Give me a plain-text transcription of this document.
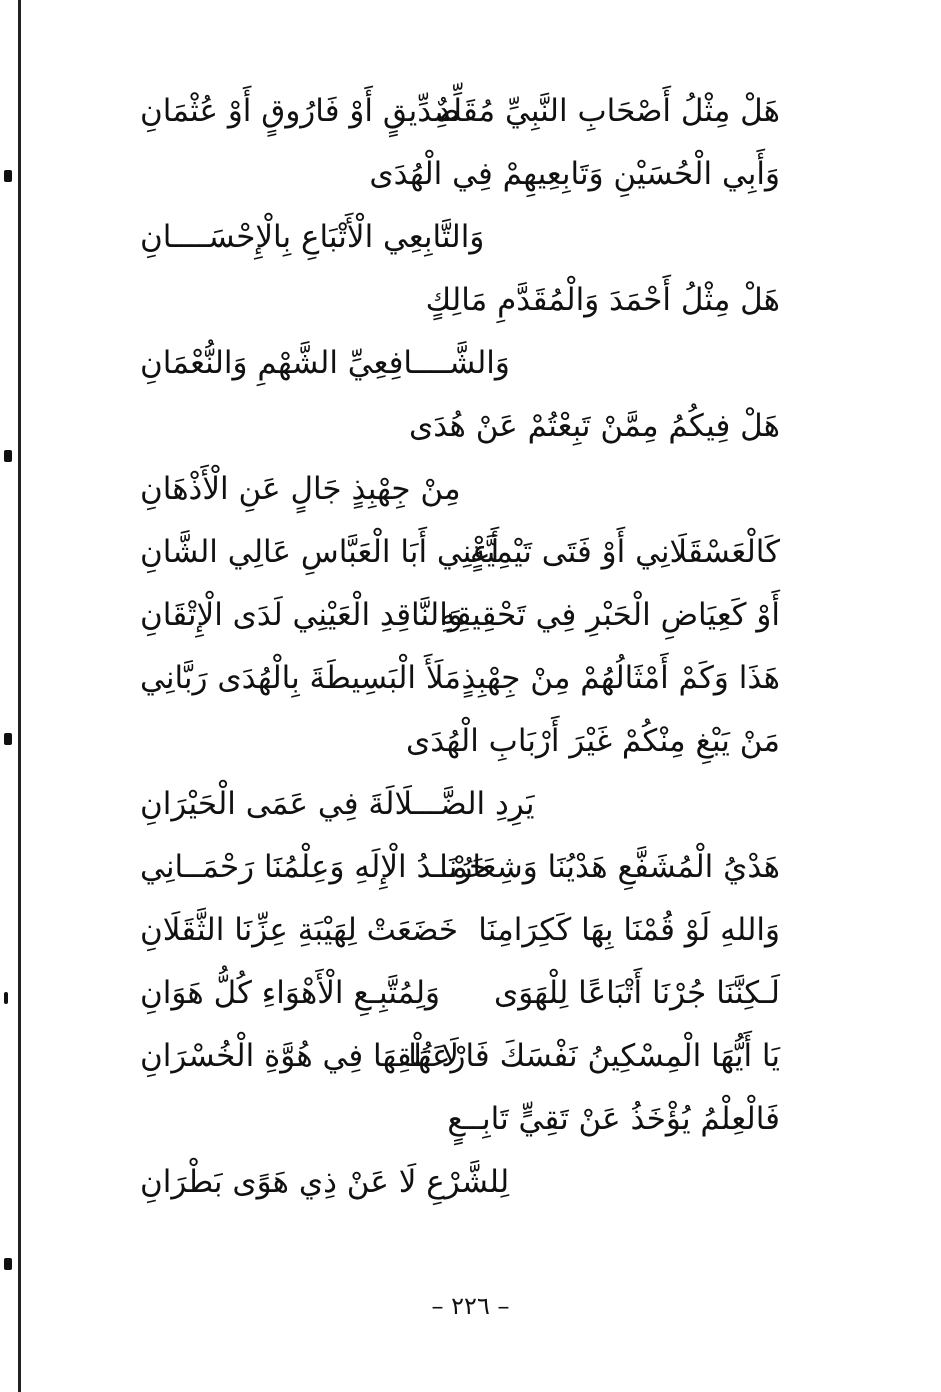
هَلْ مِثْلُ أَصْحَابِ النَّبِيِّ مُقَلِّدٌ
صِدِّيقٍ أَوْ فَارُوقٍ أَوْ عُثْمَانِ
وَأَبِي الْحُسَيْنِ وَتَابِعِيهِمْ فِي الْهُدَى
وَالتَّابِعِي الْأَتْبَاعِ بِالْإِحْسَــــانِ
هَلْ مِثْلُ أَحْمَدَ وَالْمُقَدَّمِ مَالِكٍ
وَالشَّــــافِعِيِّ الشَّهْمِ وَالنُّعْمَانِ
هَلْ فِيكُمُ مِمَّنْ تَبِعْتُمْ عَنْ هُدَى
مِنْ جِهْبِذٍ جَالٍ عَنِ الْأَذْهَانِ
كَالْعَسْقَلَانِي أَوْ فَتَى تَيْمِيَّةٍ
أَعْنِي أَبَا الْعَبَّاسِ عَالِي الشَّانِ
أَوْ كَعِيَاضِ الْحَبْرِ فِي تَحْقِيقِهِ
وَالنَّاقِدِ الْعَيْنِي لَدَى الْإِتْقَانِ
هَذَا وَكَمْ أَمْثَالُهُمْ مِنْ جِهْبِذٍ
مَلَأَ الْبَسِيطَةَ بِالْهُدَى رَبَّانِي
مَنْ يَبْغِ مِنْكُمْ غَيْرَ أَرْبَابِ الْهُدَى
يَرِدِ الضَّـــلَالَةَ فِي عَمَى الْحَيْرَانِ
هَدْيُ الْمُشَفَّعِ هَدْيُنَا وَشِعَارُنَا
حَمْــدُ الْإِلَهِ وَعِلْمُنَا رَحْمَــانِي
وَاللهِ لَوْ قُمْنَا بِهَا كَكِرَامِنَا
خَضَعَتْ لِهَيْبَةِ عِزِّنَا الثَّقَلَانِ
لَـكِنَّنَا جُرْنَا أَتْبَاعًا لِلْهَوَى
وَلِمُتَّبِـعِ الْأَهْوَاءِ كُلُّ هَوَانِ
يَا أَيُّهَا الْمِسْكِينُ نَفْسَكَ فَارْعَهَا
لَا تُلْقِهَا فِي هُوَّةِ الْخُسْرَانِ
فَالْعِلْمُ يُؤْخَذُ عَنْ تَقِيٍّ تَابِــعٍ
لِلشَّرْعِ لَا عَنْ ذِي هَوًى بَطْرَانِ
– ٢٢٦ –
